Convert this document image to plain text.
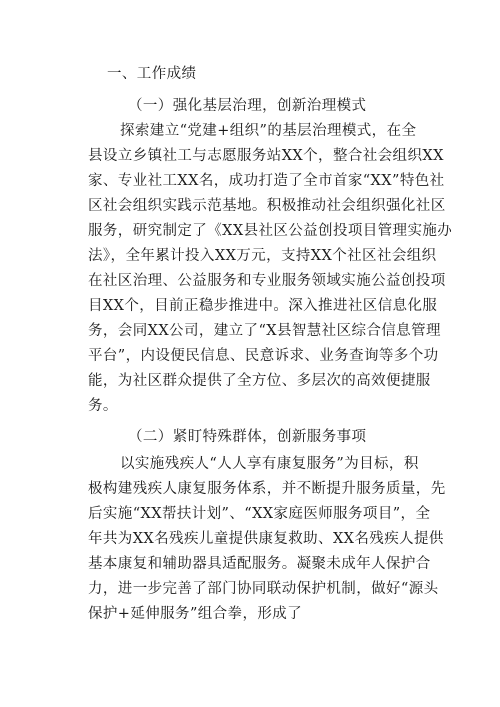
一、工作成绩
（一）强化基层治理，创新治理模式
探索建立“党建+组织”的基层治理模式，在全
县设立乡镇社工与志愿服务站XX个，整合社会组织XX
家、专业社工XX名，成功打造了全市首家“XX”特色社
区社会组织实践示范基地。积极推动社会组织强化社区
服务，研究制定了《XX县社区公益创投项目管理实施办
法》，全年累计投入XX万元，支持XX个社区社会组织
在社区治理、公益服务和专业服务领域实施公益创投项
目XX个，目前正稳步推进中。深入推进社区信息化服
务，会同XX公司，建立了“X县智慧社区综合信息管理
平台”，内设便民信息、民意诉求、业务查询等多个功
能，为社区群众提供了全方位、多层次的高效便捷服
务。
（二）紧盯特殊群体，创新服务事项
以实施残疾人“人人享有康复服务”为目标，积
极构建残疾人康复服务体系，并不断提升服务质量，先
后实施“XX帮扶计划”、“XX家庭医师服务项目”，全
年共为XX名残疾儿童提供康复救助、XX名残疾人提供
基本康复和辅助器具适配服务。凝聚未成年人保护合
力，进一步完善了部门协同联动保护机制，做好“源头
保护+延伸服务”组合拳，形成了
